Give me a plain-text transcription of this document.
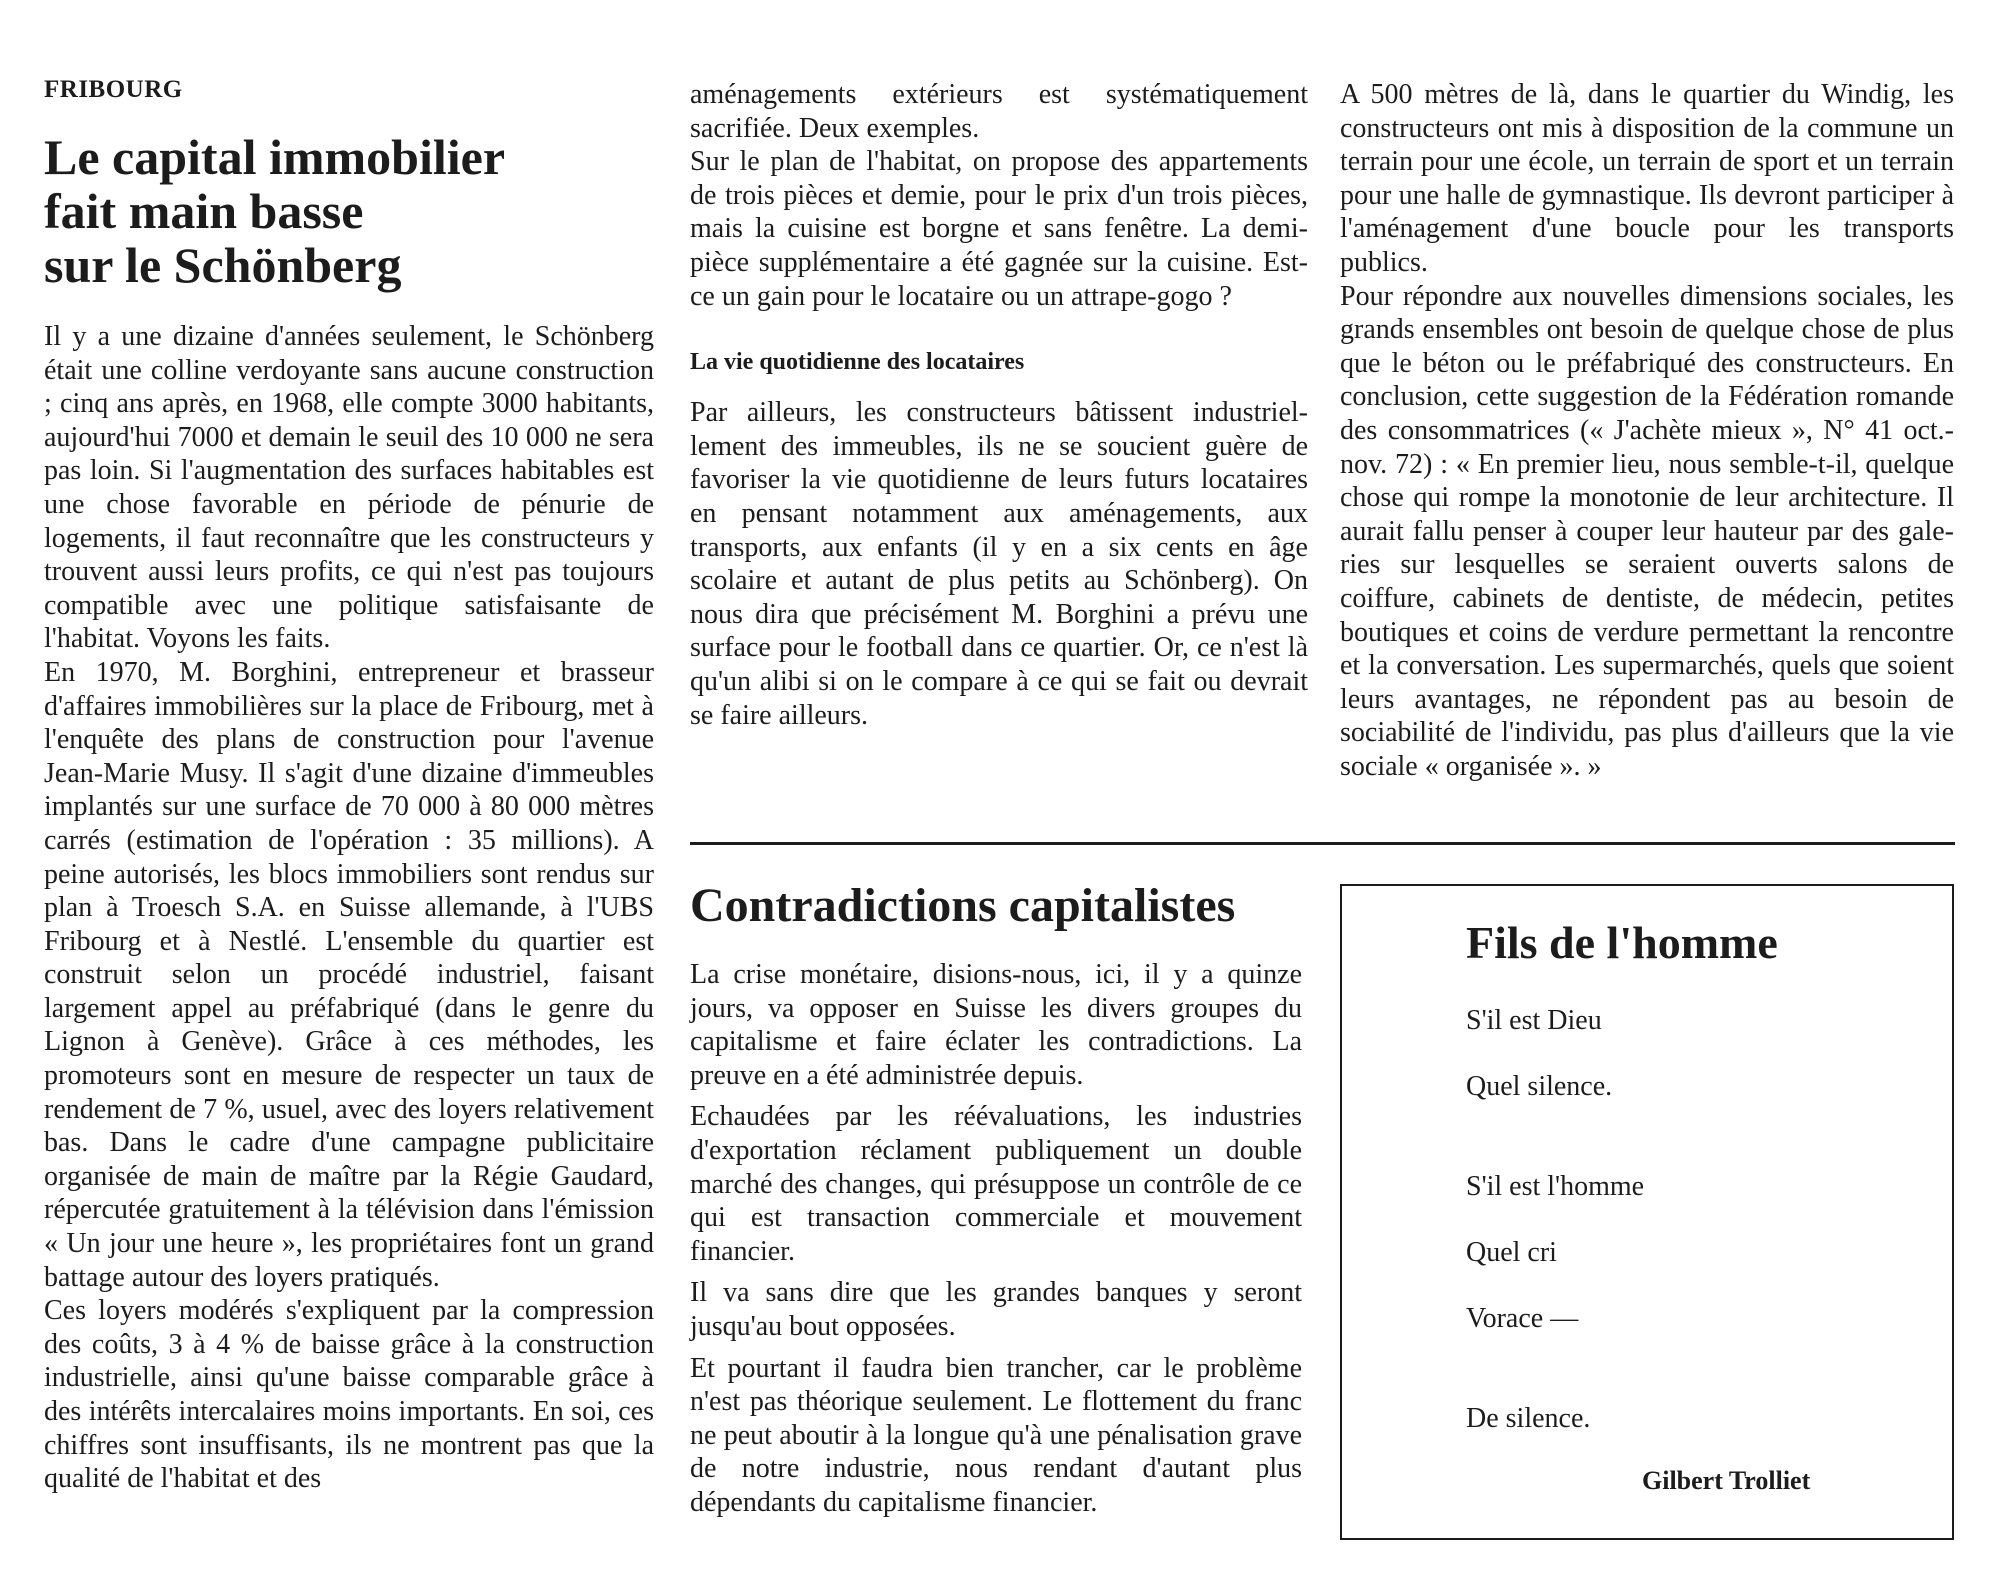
FRIBOURG

Le capital immobilier
fait main basse
sur le Schönberg

Il y a une dizaine d'années seulement, le Schönberg était une colline verdoyante sans aucune construction ; cinq ans après, en 1968, elle compte 3000 habitants, aujourd'hui 7000 et demain le seuil des 10 000 ne sera pas loin. Si l'augmentation des surfaces habitables est une chose favorable en période de pénurie de logements, il faut reconnaître que les constructeurs y trouvent aussi leurs profits, ce qui n'est pas toujours compatible avec une politique satisfaisante de l'habitat. Voyons les faits.

En 1970, M. Borghini, entrepreneur et brasseur d'affaires immobilières sur la place de Fribourg, met à l'enquête des plans de construction pour l'avenue Jean-Marie Musy. Il s'agit d'une dizaine d'immeubles implantés sur une surface de 70 000 à 80 000 mètres carrés (estimation de l'opération : 35 millions). A peine autorisés, les blocs immobiliers sont rendus sur plan à Troesch S.A. en Suisse allemande, à l'UBS Fribourg et à Nestlé. L'ensemble du quartier est construit selon un procédé industriel, faisant largement appel au préfabriqué (dans le genre du Lignon à Genève). Grâce à ces méthodes, les promoteurs sont en mesure de respecter un taux de rendement de 7 %, usuel, avec des loyers relativement bas. Dans le cadre d'une campagne publicitaire organisée de main de maître par la Régie Gaudard, répercutée gratuitement à la télévision dans l'émission « Un jour une heure », les propriétaires font un grand battage autour des loyers pratiqués.

Ces loyers modérés s'expliquent par la compression des coûts, 3 à 4 % de baisse grâce à la construction industrielle, ainsi qu'une baisse comparable grâce à des intérêts intercalaires moins importants. En soi, ces chiffres sont insuffisants, ils ne montrent pas que la qualité de l'habitat et des

aménagements extérieurs est systématiquement sacrifiée. Deux exemples.

Sur le plan de l'habitat, on propose des appartements de trois pièces et demie, pour le prix d'un trois pièces, mais la cuisine est borgne et sans fenêtre. La demi-pièce supplémentaire a été gagnée sur la cuisine. Est-ce un gain pour le locataire ou un attrape-gogo ?

La vie quotidienne des locataires

Par ailleurs, les constructeurs bâtissent industriellement des immeubles, ils ne se soucient guère de favoriser la vie quotidienne de leurs futurs locataires en pensant notamment aux aménagements, aux transports, aux enfants (il y en a six cents en âge scolaire et autant de plus petits au Schönberg). On nous dira que précisément M. Borghini a prévu une surface pour le football dans ce quartier. Or, ce n'est là qu'un alibi si on le compare à ce qui se fait ou devrait se faire ailleurs.

A 500 mètres de là, dans le quartier du Windig, les constructeurs ont mis à disposition de la commune un terrain pour une école, un terrain de sport et un terrain pour une halle de gymnastique. Ils devront participer à l'aménagement d'une boucle pour les transports publics.

Pour répondre aux nouvelles dimensions sociales, les grands ensembles ont besoin de quelque chose de plus que le béton ou le préfabriqué des constructeurs. En conclusion, cette suggestion de la Fédération romande des consommatrices (« J'achète mieux », N° 41 oct.-nov. 72) : « En premier lieu, nous semble-t-il, quelque chose qui rompe la monotonie de leur architecture. Il aurait fallu penser à couper leur hauteur par des galeries sur lesquelles se seraient ouverts salons de coiffure, cabinets de dentiste, de médecin, petites boutiques et coins de verdure permettant la rencontre et la conversation. Les supermarchés, quels que soient leurs avantages, ne répondent pas au besoin de sociabilité de l'individu, pas plus d'ailleurs que la vie sociale « organisée ». »

Contradictions capitalistes

La crise monétaire, disions-nous, ici, il y a quinze jours, va opposer en Suisse les divers groupes du capitalisme et faire éclater les contradictions. La preuve en a été administrée depuis.

Echaudées par les réévaluations, les industries d'exportation réclament publiquement un double marché des changes, qui présuppose un contrôle de ce qui est transaction commerciale et mouvement financier.

Il va sans dire que les grandes banques y seront jusqu'au bout opposées.

Et pourtant il faudra bien trancher, car le problème n'est pas théorique seulement. Le flottement du franc ne peut aboutir à la longue qu'à une pénalisation grave de notre industrie, nous rendant d'autant plus dépendants du capitalisme financier.

Fils de l'homme

S'il est Dieu

Quel silence.

S'il est l'homme

Quel cri

Vorace —

De silence.

Gilbert Trolliet
